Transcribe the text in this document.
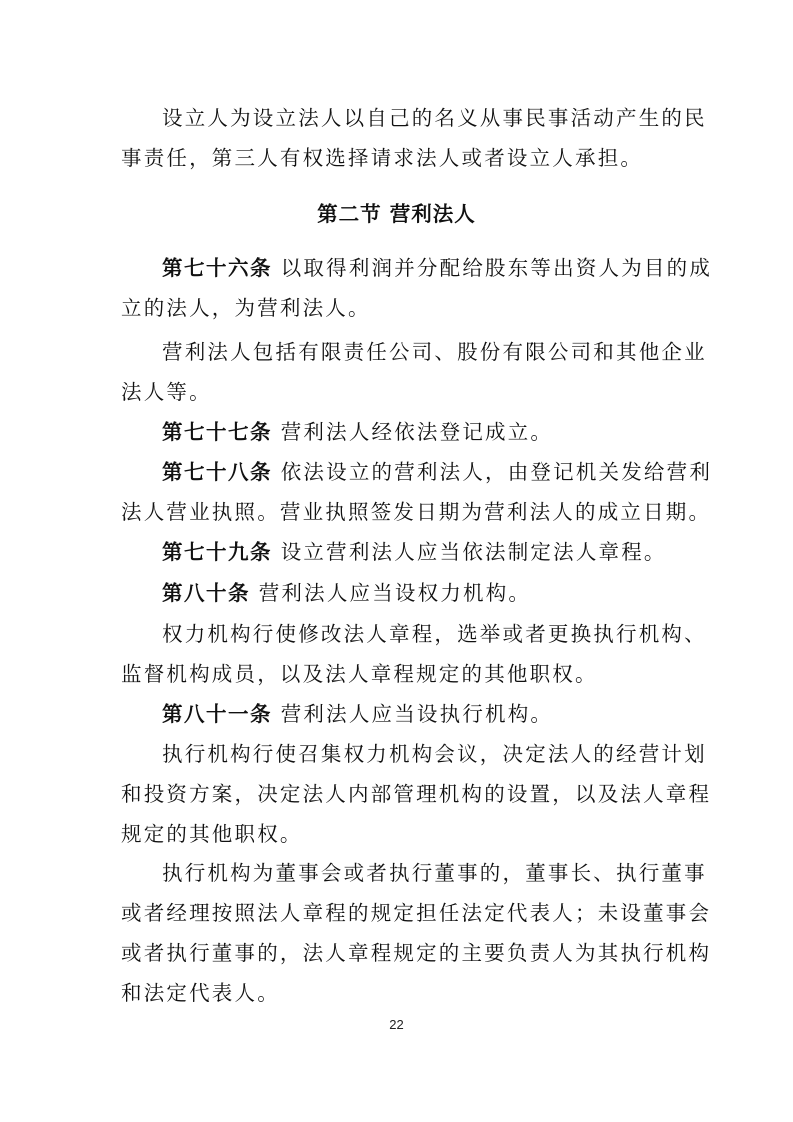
设立人为设立法人以自己的名义从事民事活动产生的民
事责任，第三人有权选择请求法人或者设立人承担。
第二节 营利法人
第七十六条 以取得利润并分配给股东等出资人为目的成
立的法人，为营利法人。
营利法人包括有限责任公司、股份有限公司和其他企业
法人等。
第七十七条 营利法人经依法登记成立。
第七十八条 依法设立的营利法人，由登记机关发给营利
法人营业执照。营业执照签发日期为营利法人的成立日期。
第七十九条 设立营利法人应当依法制定法人章程。
第八十条 营利法人应当设权力机构。
权力机构行使修改法人章程，选举或者更换执行机构、
监督机构成员，以及法人章程规定的其他职权。
第八十一条 营利法人应当设执行机构。
执行机构行使召集权力机构会议，决定法人的经营计划
和投资方案，决定法人内部管理机构的设置，以及法人章程
规定的其他职权。
执行机构为董事会或者执行董事的，董事长、执行董事
或者经理按照法人章程的规定担任法定代表人；未设董事会
或者执行董事的，法人章程规定的主要负责人为其执行机构
和法定代表人。
22
